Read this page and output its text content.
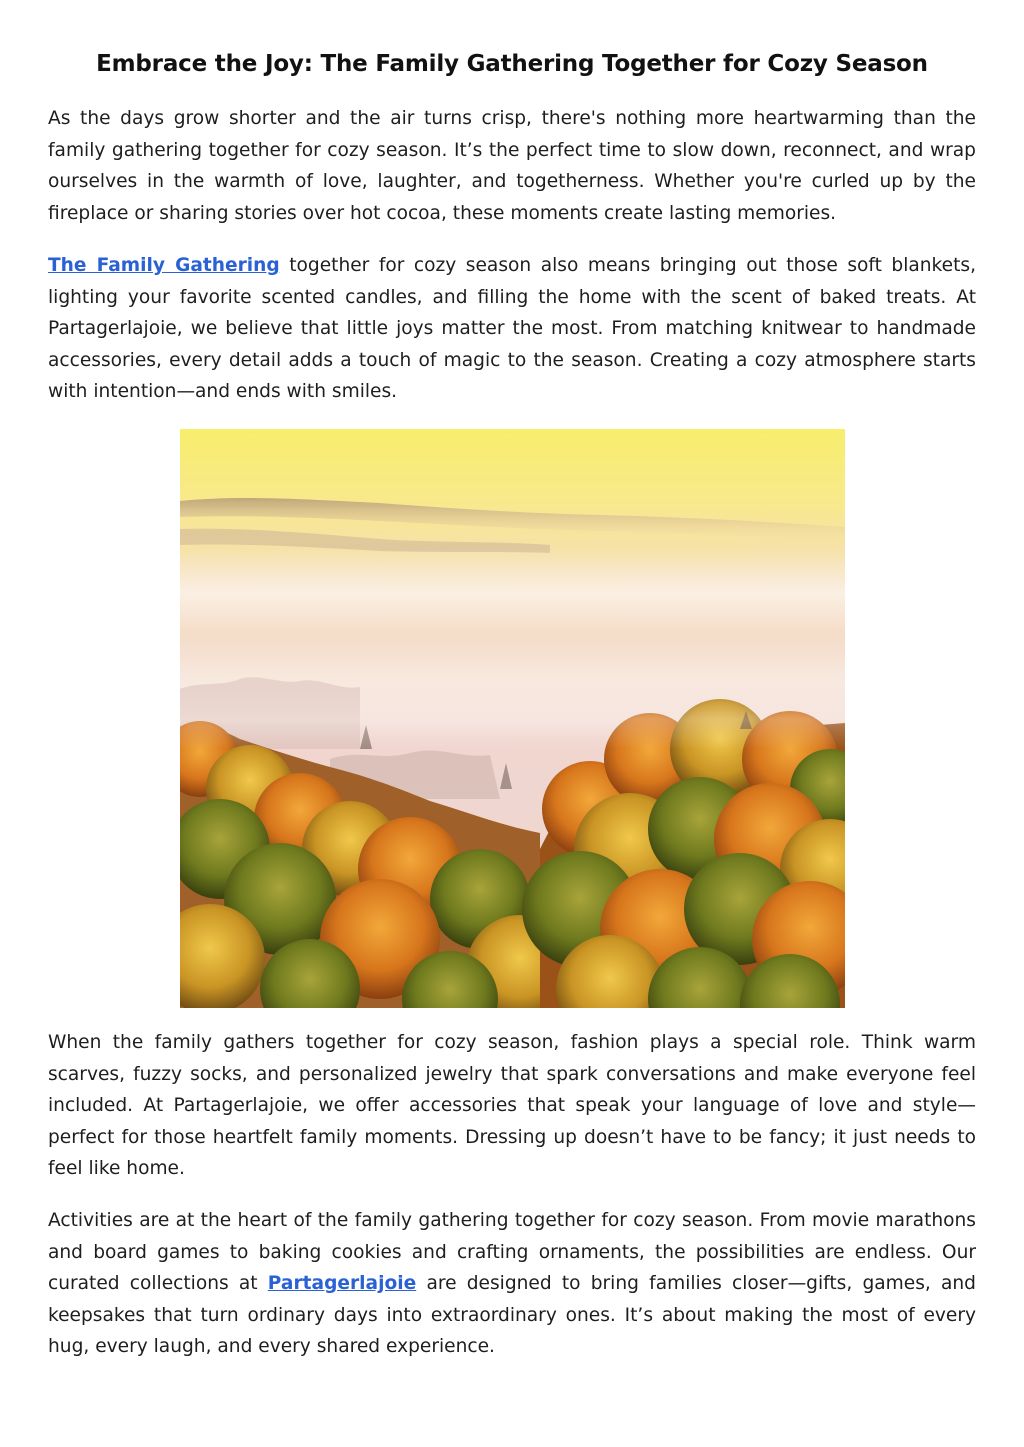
Embrace the Joy: The Family Gathering Together for Cozy Season

As the days grow shorter and the air turns crisp, there's nothing more heartwarming than the family gathering together for cozy season. It’s the perfect time to slow down, reconnect, and wrap ourselves in the warmth of love, laughter, and togetherness. Whether you're curled up by the fireplace or sharing stories over hot cocoa, these moments create lasting memories.

The Family Gathering together for cozy season also means bringing out those soft blankets, lighting your favorite scented candles, and filling the home with the scent of baked treats. At Partagerlajoie, we believe that little joys matter the most. From matching knitwear to handmade accessories, every detail adds a touch of magic to the season. Creating a cozy atmosphere starts with intention—and ends with smiles.

When the family gathers together for cozy season, fashion plays a special role. Think warm scarves, fuzzy socks, and personalized jewelry that spark conversations and make everyone feel included. At Partagerlajoie, we offer accessories that speak your language of love and style—perfect for those heartfelt family moments. Dressing up doesn’t have to be fancy; it just needs to feel like home.

Activities are at the heart of the family gathering together for cozy season. From movie marathons and board games to baking cookies and crafting ornaments, the possibilities are endless. Our curated collections at Partagerlajoie are designed to bring families closer—gifts, games, and keepsakes that turn ordinary days into extraordinary ones. It’s about making the most of every hug, every laugh, and every shared experience.
